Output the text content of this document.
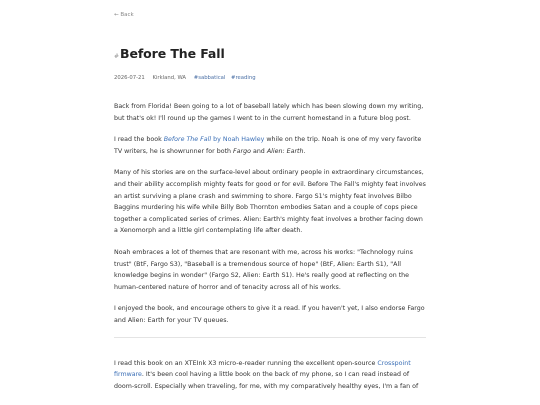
← Back
# Before The Fall
2026-07-21 Kirkland, WA #sabbatical #reading

Back from Florida! Been going to a lot of baseball lately which has been slowing down my writing, but that's ok! I'll round up the games I went to in the current homestand in a future blog post.

I read the book Before The Fall by Noah Hawley while on the trip. Noah is one of my very favorite TV writers, he is showrunner for both Fargo and Alien: Earth.

Many of his stories are on the surface-level about ordinary people in extraordinary circumstances, and their ability accomplish mighty feats for good or for evil. Before The Fall's mighty feat involves an artist surviving a plane crash and swimming to shore. Fargo S1's mighty feat involves Bilbo Baggins murdering his wife while Billy Bob Thornton embodies Satan and a couple of cops piece together a complicated series of crimes. Alien: Earth's mighty feat involves a brother facing down a Xenomorph and a little girl contemplating life after death.

Noah embraces a lot of themes that are resonant with me, across his works: "Technology ruins trust" (BtF, Fargo S3), "Baseball is a tremendous source of hope" (BtF, Alien: Earth S1), "All knowledge begins in wonder" (Fargo S2, Alien: Earth S1). He's really good at reflecting on the human-centered nature of horror and of tenacity across all of his works.

I enjoyed the book, and encourage others to give it a read. If you haven't yet, I also endorse Fargo and Alien: Earth for your TV queues.

I read this book on an XTEInk X3 micro-e-reader running the excellent open-source Crosspoint firmware. It's been cool having a little book on the back of my phone, so I can read instead of doom-scroll. Especially when traveling, for me, with my comparatively healthy eyes, I'm a fan of
